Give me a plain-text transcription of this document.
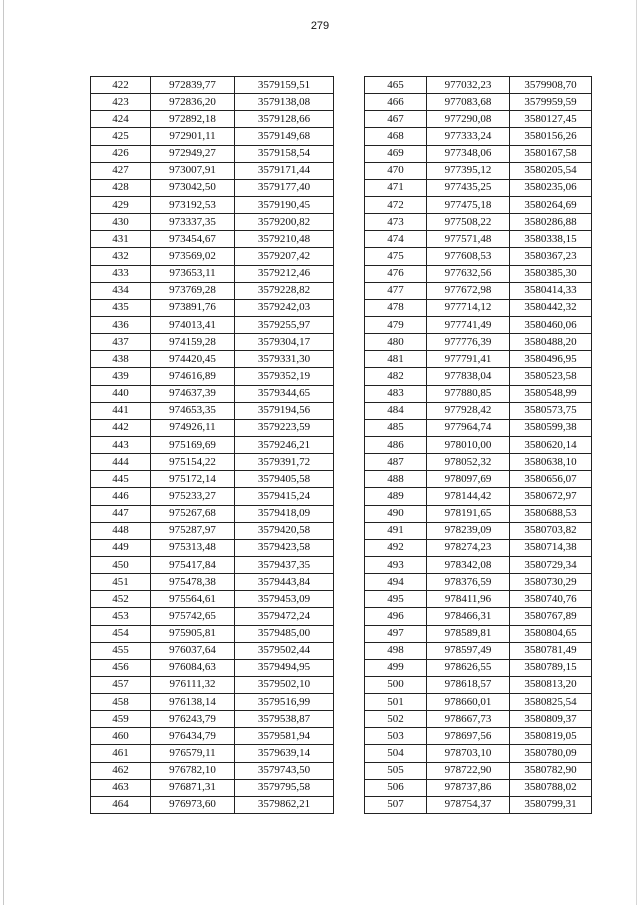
279
422	972839,77	3579159,51
423	972836,20	3579138,08
424	972892,18	3579128,66
425	972901,11	3579149,68
426	972949,27	3579158,54
427	973007,91	3579171,44
428	973042,50	3579177,40
429	973192,53	3579190,45
430	973337,35	3579200,82
431	973454,67	3579210,48
432	973569,02	3579207,42
433	973653,11	3579212,46
434	973769,28	3579228,82
435	973891,76	3579242,03
436	974013,41	3579255,97
437	974159,28	3579304,17
438	974420,45	3579331,30
439	974616,89	3579352,19
440	974637,39	3579344,65
441	974653,35	3579194,56
442	974926,11	3579223,59
443	975169,69	3579246,21
444	975154,22	3579391,72
445	975172,14	3579405,58
446	975233,27	3579415,24
447	975267,68	3579418,09
448	975287,97	3579420,58
449	975313,48	3579423,58
450	975417,84	3579437,35
451	975478,38	3579443,84
452	975564,61	3579453,09
453	975742,65	3579472,24
454	975905,81	3579485,00
455	976037,64	3579502,44
456	976084,63	3579494,95
457	976111,32	3579502,10
458	976138,14	3579516,99
459	976243,79	3579538,87
460	976434,79	3579581,94
461	976579,11	3579639,14
462	976782,10	3579743,50
463	976871,31	3579795,58
464	976973,60	3579862,21
465	977032,23	3579908,70
466	977083,68	3579959,59
467	977290,08	3580127,45
468	977333,24	3580156,26
469	977348,06	3580167,58
470	977395,12	3580205,54
471	977435,25	3580235,06
472	977475,18	3580264,69
473	977508,22	3580286,88
474	977571,48	3580338,15
475	977608,53	3580367,23
476	977632,56	3580385,30
477	977672,98	3580414,33
478	977714,12	3580442,32
479	977741,49	3580460,06
480	977776,39	3580488,20
481	977791,41	3580496,95
482	977838,04	3580523,58
483	977880,85	3580548,99
484	977928,42	3580573,75
485	977964,74	3580599,38
486	978010,00	3580620,14
487	978052,32	3580638,10
488	978097,69	3580656,07
489	978144,42	3580672,97
490	978191,65	3580688,53
491	978239,09	3580703,82
492	978274,23	3580714,38
493	978342,08	3580729,34
494	978376,59	3580730,29
495	978411,96	3580740,76
496	978466,31	3580767,89
497	978589,81	3580804,65
498	978597,49	3580781,49
499	978626,55	3580789,15
500	978618,57	3580813,20
501	978660,01	3580825,54
502	978667,73	3580809,37
503	978697,56	3580819,05
504	978703,10	3580780,09
505	978722,90	3580782,90
506	978737,86	3580788,02
507	978754,37	3580799,31
